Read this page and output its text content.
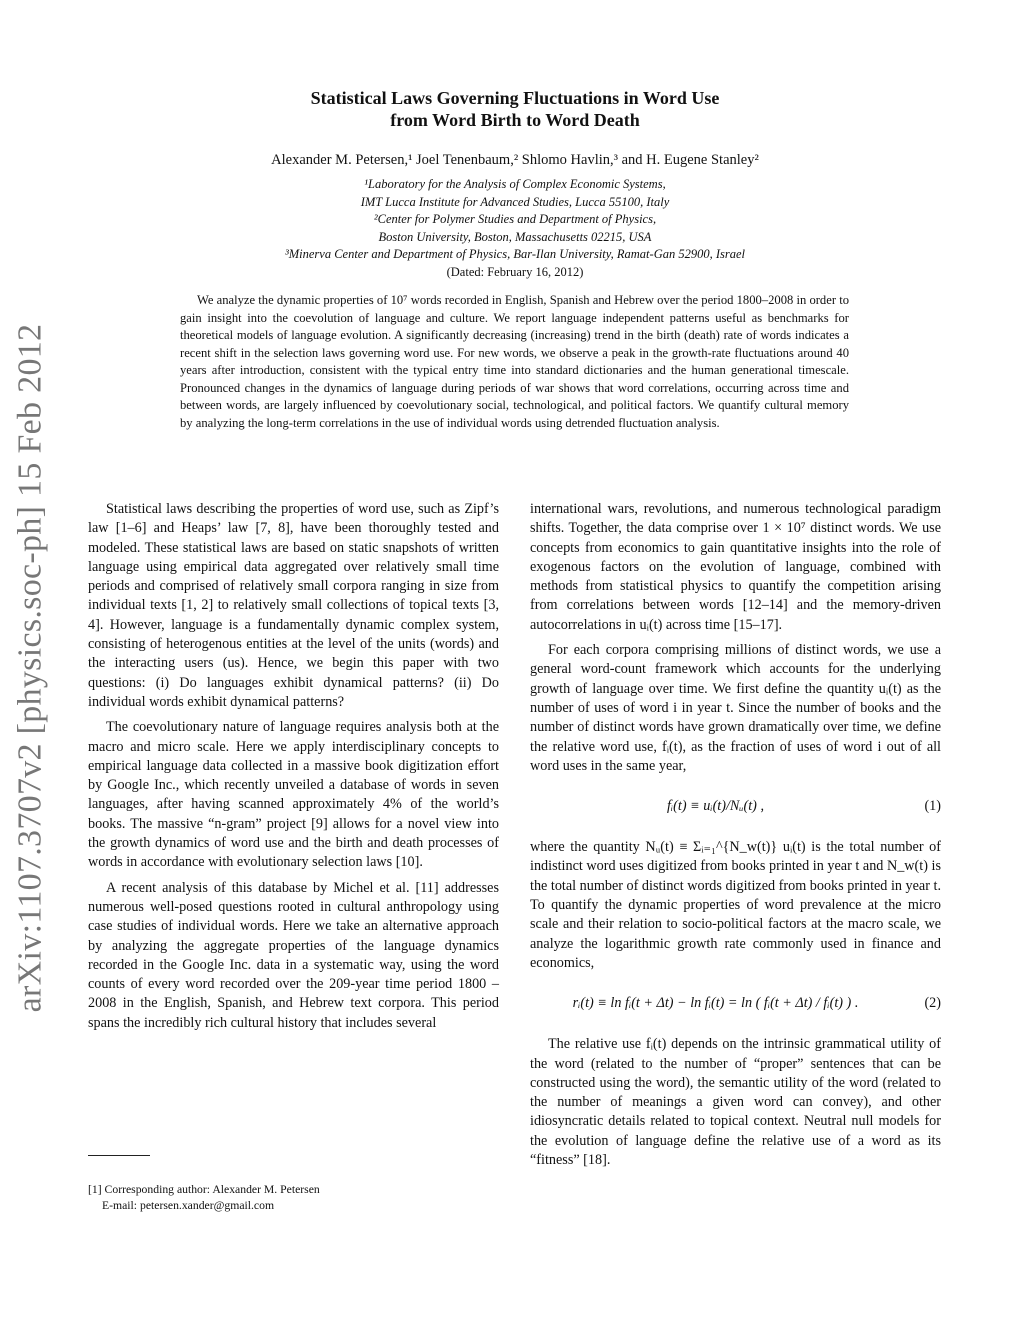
arXiv:1107.3707v2 [physics.soc-ph] 15 Feb 2012
Statistical Laws Governing Fluctuations in Word Use
from Word Birth to Word Death
Alexander M. Petersen,¹ Joel Tenenbaum,² Shlomo Havlin,³ and H. Eugene Stanley²
¹Laboratory for the Analysis of Complex Economic Systems,
IMT Lucca Institute for Advanced Studies, Lucca 55100, Italy
²Center for Polymer Studies and Department of Physics,
Boston University, Boston, Massachusetts 02215, USA
³Minerva Center and Department of Physics, Bar-Ilan University, Ramat-Gan 52900, Israel
(Dated: February 16, 2012)
We analyze the dynamic properties of 10⁷ words recorded in English, Spanish and Hebrew over the period 1800–2008 in order to gain insight into the coevolution of language and culture. We report language independent patterns useful as benchmarks for theoretical models of language evolution. A significantly decreasing (increasing) trend in the birth (death) rate of words indicates a recent shift in the selection laws governing word use. For new words, we observe a peak in the growth-rate fluctuations around 40 years after introduction, consistent with the typical entry time into standard dictionaries and the human generational timescale. Pronounced changes in the dynamics of language during periods of war shows that word correlations, occurring across time and between words, are largely influenced by coevolutionary social, technological, and political factors. We quantify cultural memory by analyzing the long-term correlations in the use of individual words using detrended fluctuation analysis.

Statistical laws describing the properties of word use, such as Zipf’s law [1–6] and Heaps’ law [7, 8], have been thoroughly tested and modeled. These statistical laws are based on static snapshots of written language using empirical data aggregated over relatively small time periods and comprised of relatively small corpora ranging in size from individual texts [1, 2] to relatively small collections of topical texts [3, 4]. However, language is a fundamentally dynamic complex system, consisting of heterogenous entities at the level of the units (words) and the interacting users (us). Hence, we begin this paper with two questions: (i) Do languages exhibit dynamical patterns? (ii) Do individual words exhibit dynamical patterns?

The coevolutionary nature of language requires analysis both at the macro and micro scale. Here we apply interdisciplinary concepts to empirical language data collected in a massive book digitization effort by Google Inc., which recently unveiled a database of words in seven languages, after having scanned approximately 4% of the world’s books. The massive “n-gram” project [9] allows for a novel view into the growth dynamics of word use and the birth and death processes of words in accordance with evolutionary selection laws [10].

A recent analysis of this database by Michel et al. [11] addresses numerous well-posed questions rooted in cultural anthropology using case studies of individual words. Here we take an alternative approach by analyzing the aggregate properties of the language dynamics recorded in the Google Inc. data in a systematic way, using the word counts of every word recorded over the 209-year time period 1800 – 2008 in the English, Spanish, and Hebrew text corpora. This period spans the incredibly rich cultural history that includes several

international wars, revolutions, and numerous technological paradigm shifts. Together, the data comprise over 1 × 10⁷ distinct words. We use concepts from economics to gain quantitative insights into the role of exogenous factors on the evolution of language, combined with methods from statistical physics to quantify the competition arising from correlations between words [12–14] and the memory-driven autocorrelations in uᵢ(t) across time [15–17].

For each corpora comprising millions of distinct words, we use a general word-count framework which accounts for the underlying growth of language over time. We first define the quantity uᵢ(t) as the number of uses of word i in year t. Since the number of books and the number of distinct words have grown dramatically over time, we define the relative word use, fᵢ(t), as the fraction of uses of word i out of all word uses in the same year,

fᵢ(t) ≡ uᵢ(t)/Nᵤ(t) ,	(1)

where the quantity Nᵤ(t) ≡ Σᵢ₌₁^{N_w(t)} uᵢ(t) is the total number of indistinct word uses digitized from books printed in year t and N_w(t) is the total number of distinct words digitized from books printed in year t. To quantify the dynamic properties of word prevalence at the micro scale and their relation to socio-political factors at the macro scale, we analyze the logarithmic growth rate commonly used in finance and economics,

rᵢ(t) ≡ ln fᵢ(t + Δt) − ln fᵢ(t) = ln ( fᵢ(t + Δt) / fᵢ(t) ) .	(2)

The relative use fᵢ(t) depends on the intrinsic grammatical utility of the word (related to the number of “proper” sentences that can be constructed using the word), the semantic utility of the word (related to the number of meanings a given word can convey), and other idiosyncratic details related to topical context. Neutral null models for the evolution of language define the relative use of a word as its “fitness” [18].

[1] Corresponding author: Alexander M. Petersen
E-mail: petersen.xander@gmail.com
